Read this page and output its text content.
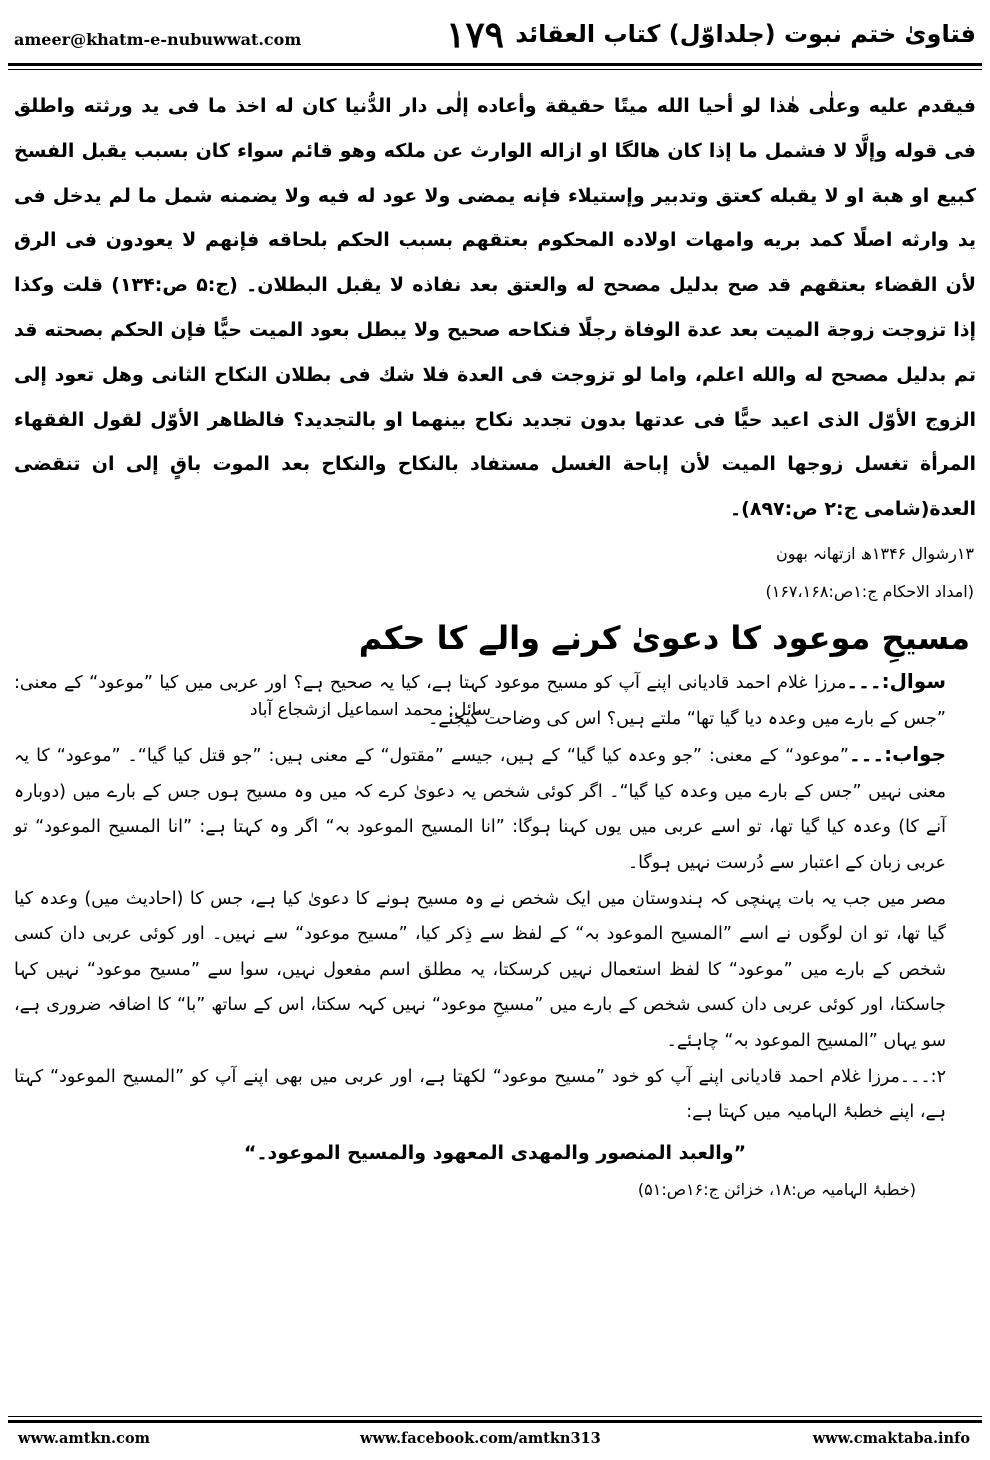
ameer@khatm-e-nubuwwat.com	۱۷۹ فتاویٰ ختم نبوت (جلداوّل) کتاب العقائد

فيقدم عليه وعلٰى هٰذا لو أحيا الله ميتًا حقيقة وأعاده إلٰى دار الدُّنيا كان له اخذ ما فى يد ورثته واطلق فى قوله وإلَّا لا فشمل ما إذا كان هالگا او ازاله الوارث عن ملكه وهو قائم سواء كان بسبب يقبل الفسخ كبيع او هبة او لا يقبله كعتق وتدبير وإستيلاء فإنه يمضى ولا عود له فيه ولا يضمنه شمل ما لم يدخل فى يد وارثه اصلًا كمد بريه وامهات اولاده المحكوم بعتقهم بسبب الحكم بلحاقه فإنهم لا يعودون فى الرق لأن القضاء بعتقهم قد صح بدليل مصحح له والعتق بعد نفاذه لا يقبل البطلان۔ (ج:۵ ص:۱۳۴) قلت وكذا إذا تزوجت زوجة الميت بعد عدة الوفاة رجلًا فنكاحه صحيح ولا يبطل بعود الميت حيًّا فإن الحكم بصحته قد تم بدليل مصحح له والله اعلم، واما لو تزوجت فى العدة فلا شك فى بطلان النكاح الثانى وهل تعود إلى الزوج الأوّل الذى اعيد حيًّا فى عدتها بدون تجديد نكاح بينهما او بالتجديد؟ فالظاهر الأوّل لقول الفقهاء المرأة تغسل زوجها الميت لأن إباحة الغسل مستفاد بالنكاح والنكاح بعد الموت باقٍ إلى ان تنقضى العدة(شامى ج:۲ ص:۸۹۷)۔

۱۳رشوال ۱۳۴۶ھ ازتھانہ بھون

(امداد الاحکام ج:۱ص:۱۶۷،۱۶۸)

مسیحِ موعود کا دعویٰ کرنے والے کا حکم

سوال:۔۔۔مرزا غلام احمد قادیانی اپنے آپ کو مسیح موعود کہتا ہے، کیا یہ صحیح ہے؟ اور عربی میں کیا ”موعود“ کے معنی: ”جس کے بارے میں وعدہ دیا گیا تھا“ ملتے ہیں؟ اس کی وضاحت کیجئے۔

سائل: محمد اسماعیل ازشجاع آباد

جواب:۔۔۔”موعود“ کے معنی: ”جو وعدہ کیا گیا“ کے ہیں، جیسے ”مقتول“ کے معنی ہیں: ”جو قتل کیا گیا“۔ ”موعود“ کا یہ معنی نہیں ”جس کے بارے میں وعدہ کیا گیا“۔ اگر کوئی شخص یہ دعویٰ کرے کہ میں وہ مسیح ہوں جس کے بارے میں (دوبارہ آنے کا) وعدہ کیا گیا تھا، تو اسے عربی میں یوں کہنا ہوگا: ”انا المسیح الموعود بہ“ اگر وہ کہتا ہے: ”انا المسیح الموعود“ تو عربی زبان کے اعتبار سے دُرست نہیں ہوگا۔

مصر میں جب یہ بات پہنچی کہ ہندوستان میں ایک شخص نے وہ مسیح ہونے کا دعویٰ کیا ہے، جس کا (احادیث میں) وعدہ کیا گیا تھا، تو ان لوگوں نے اسے ”المسیح الموعود بہ“ کے لفظ سے ذِکر کیا، ”مسیح موعود“ سے نہیں۔ اور کوئی عربی دان کسی شخص کے بارے میں ”موعود“ کا لفظ استعمال نہیں کرسکتا، یہ مطلق اسم مفعول نہیں، سوا سے ”مسیح موعود“ نہیں کہا جاسکتا، اور کوئی عربی دان کسی شخص کے بارے میں ”مسیحِ موعود“ نہیں کہہ سکتا، اس کے ساتھ ”با“ کا اضافہ ضروری ہے، سو یہاں ”المسیح الموعود بہ“ چاہئے۔

۲:۔۔۔مرزا غلام احمد قادیانی اپنے آپ کو خود ”مسیح موعود“ لکھتا ہے، اور عربی میں بھی اپنے آپ کو ”المسیح الموعود“ کہتا ہے، اپنے خطبۂ الہامیہ میں کہتا ہے:

”والعبد المنصور والمهدى المعهود والمسيح الموعود۔“

(خطبۂ الہامیہ ص:۱۸، خزائن ج:۱۶ص:۵۱)

www.amtkn.com	www.facebook.com/amtkn313	www.cmaktaba.info
